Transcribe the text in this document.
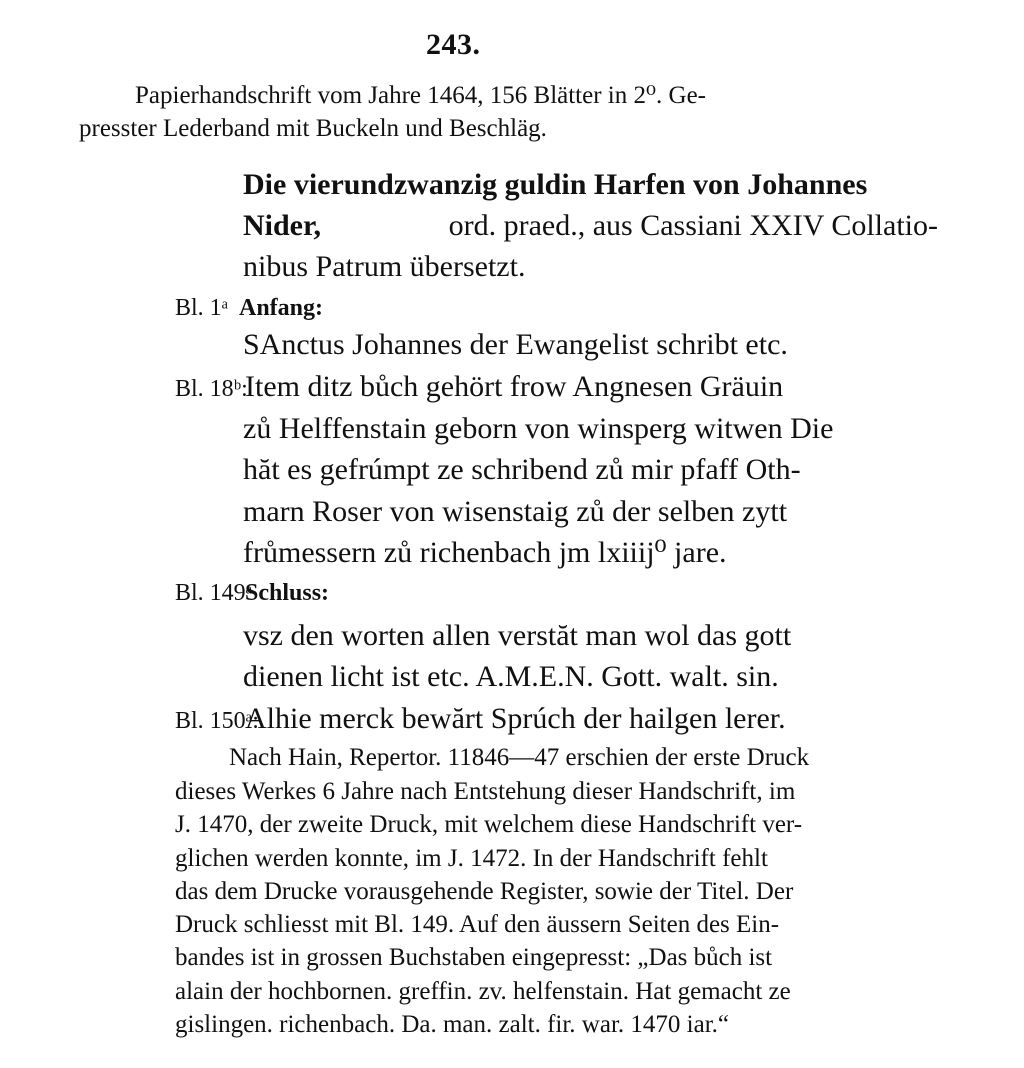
243.
Papierhandschrift vom Jahre 1464, 156 Blätter in 2⁰. Ge-
presster Lederband mit Buckeln und Beschläg.
Die vierundzwanzig guldin Harfen von Johannes
Nider,	ord. praed., aus Cassiani XXIV Collatio-
nibus Patrum übersetzt.
Bl. 1ᵃ Anfang:
SAnctus Johannes der Ewangelist schribt etc.
Bl. 18ᵇ:Item ditz bůch gehört frow Angnesen Gräuin
zů Helffenstain geborn von winsperg witwen Die
hăt es gefrúmpt ze schribend zů mir pfaff Oth-
marn Roser von wisenstaig zů der selben zytt
frůmessern zů richenbach jm lxiiij⁰ jare.
Bl. 149ᵃSchluss:
vsz den worten allen verstăt man wol das gott
dienen licht ist etc. A.M.E.N. Gott. walt. sin.
Bl. 150ᵃ:Alhie merck bewărt Sprúch der hailgen lerer.
Nach Hain, Repertor. 11846—47 erschien der erste Druck
dieses Werkes 6 Jahre nach Entstehung dieser Handschrift, im
J. 1470, der zweite Druck, mit welchem diese Handschrift ver-
glichen werden konnte, im J. 1472. In der Handschrift fehlt
das dem Drucke vorausgehende Register, sowie der Titel. Der
Druck schliesst mit Bl. 149. Auf den äussern Seiten des Ein-
bandes ist in grossen Buchstaben eingepresst: „Das bůch ist
alain der hochbornen. greffin. zv. helfenstain. Hat gemacht ze
gislingen. richenbach. Da. man. zalt. fir. war. 1470 iar.“
